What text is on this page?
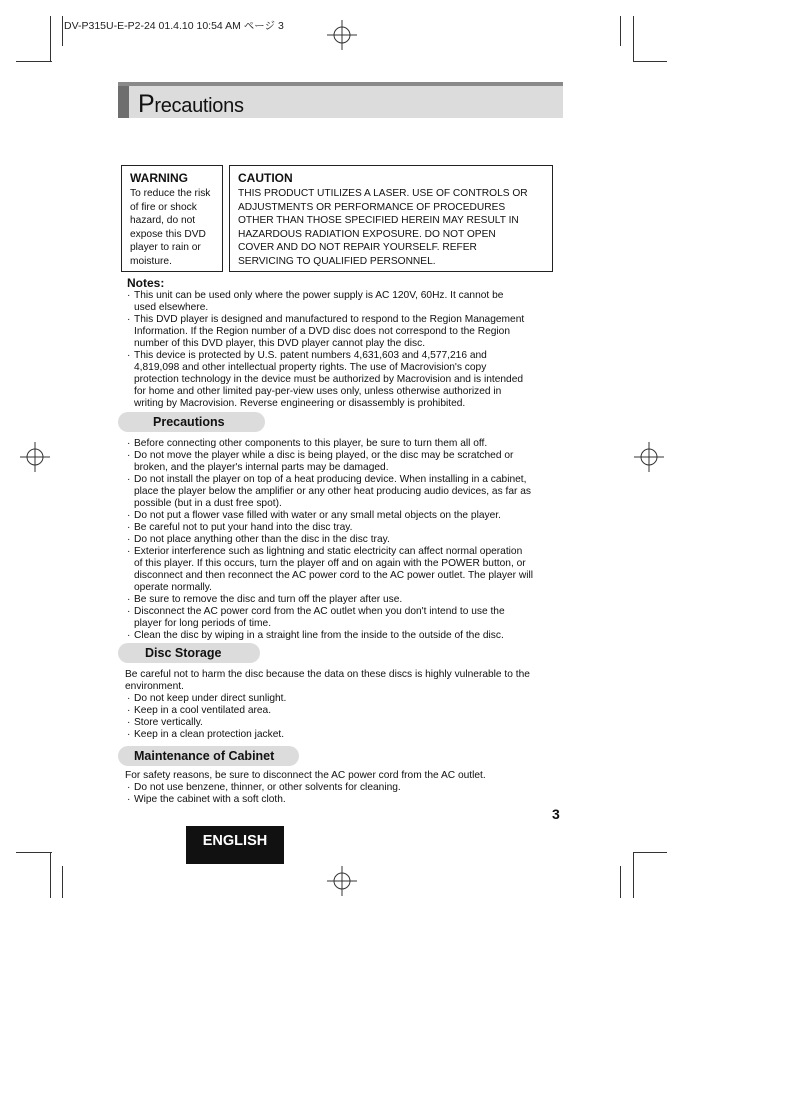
DV-P315U-E-P2-24 01.4.10 10:54 AM ページ 3
Precautions
WARNING

To reduce the risk

of fire or shock

hazard, do not

expose this DVD

player to rain or

moisture.

CAUTION

THIS PRODUCT UTILIZES A LASER. USE OF CONTROLS OR

ADJUSTMENTS OR PERFORMANCE OF PROCEDURES

OTHER THAN THOSE SPECIFIED HEREIN MAY RESULT IN

HAZARDOUS RADIATION EXPOSURE. DO NOT OPEN

COVER AND DO NOT REPAIR YOURSELF. REFER

SERVICING TO QUALIFIED PERSONNEL.

Notes:
· This unit can be used only where the power supply is AC 120V, 60Hz. It cannot be
used elsewhere.
· This DVD player is designed and manufactured to respond to the Region Management
Information. If the Region number of a DVD disc does not correspond to the Region
number of this DVD player, this DVD player cannot play the disc.
· This device is protected by U.S. patent numbers 4,631,603 and 4,577,216 and
4,819,098 and other intellectual property rights. The use of Macrovision's copy
protection technology in the device must be authorized by Macrovision and is intended
for home and other limited pay-per-view uses only, unless otherwise authorized in
writing by Macrovision. Reverse engineering or disassembly is prohibited.
Precautions
· Before connecting other components to this player, be sure to turn them all off.
· Do not move the player while a disc is being played, or the disc may be scratched or
broken, and the player's internal parts may be damaged.
· Do not install the player on top of a heat producing device. When installing in a cabinet,
place the player below the amplifier or any other heat producing audio devices, as far as
possible (but in a dust free spot).
· Do not put a flower vase filled with water or any small metal objects on the player.
· Be careful not to put your hand into the disc tray.
· Do not place anything other than the disc in the disc tray.
· Exterior interference such as lightning and static electricity can affect normal operation
of this player. If this occurs, turn the player off and on again with the POWER button, or
disconnect and then reconnect the AC power cord to the AC power outlet. The player will
operate normally.
· Be sure to remove the disc and turn off the player after use.
· Disconnect the AC power cord from the AC outlet when you don't intend to use the
player for long periods of time.
· Clean the disc by wiping in a straight line from the inside to the outside of the disc.
Disc Storage
Be careful not to harm the disc because the data on these discs is highly vulnerable to the
environment.
· Do not keep under direct sunlight.
· Keep in a cool ventilated area.
· Store vertically.
· Keep in a clean protection jacket.
Maintenance of Cabinet
For safety reasons, be sure to disconnect the AC power cord from the AC outlet.
· Do not use benzene, thinner, or other solvents for cleaning.
· Wipe the cabinet with a soft cloth.
3
ENGLISH
